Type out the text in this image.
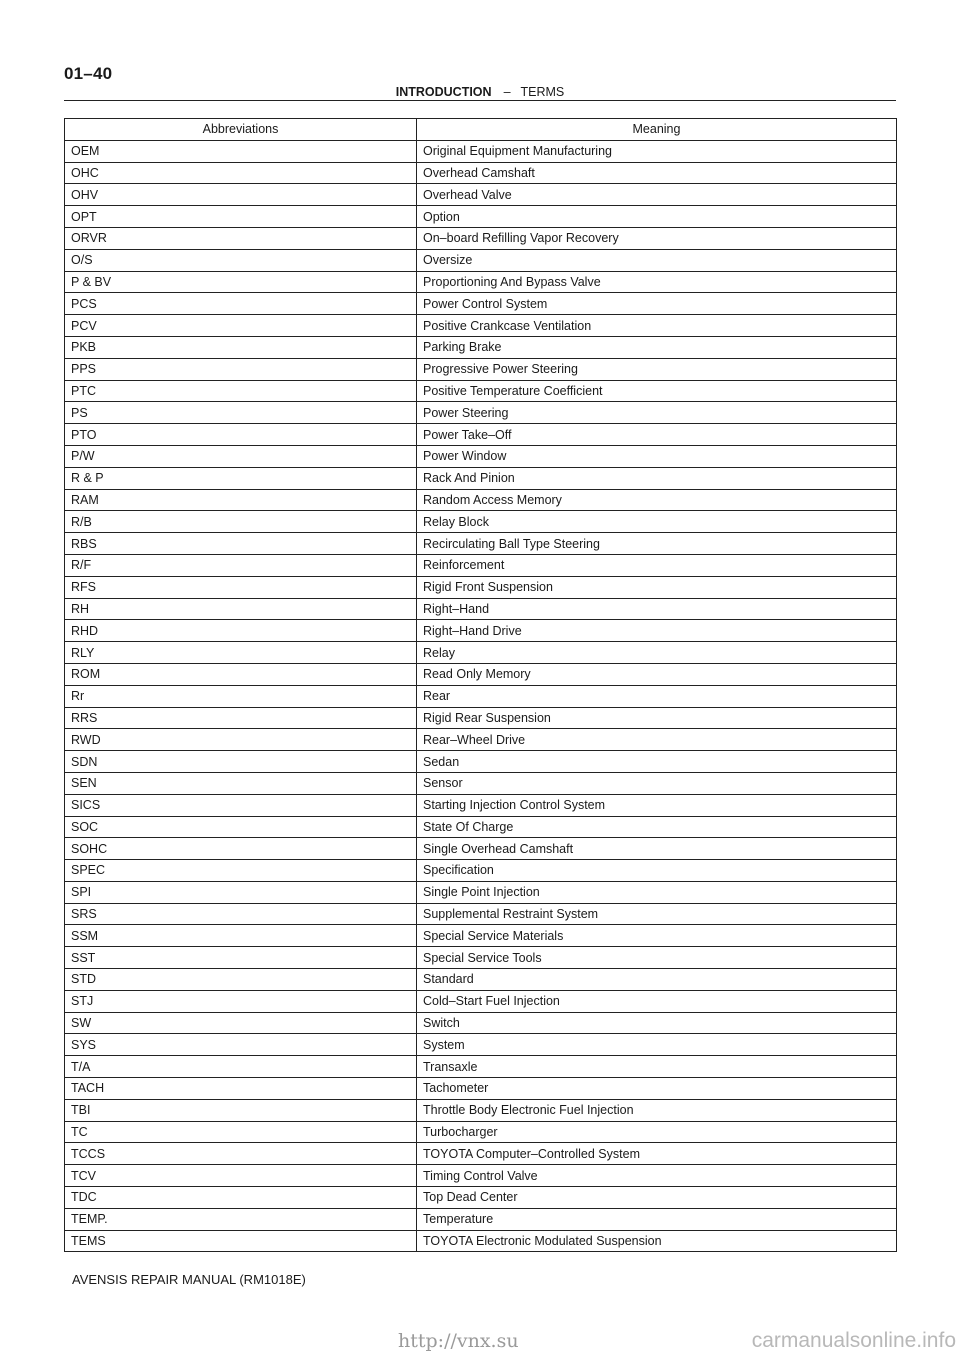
01–40
INTRODUCTION – TERMS
Abbreviations	Meaning
OEM	Original Equipment Manufacturing
OHC	Overhead Camshaft
OHV	Overhead Valve
OPT	Option
ORVR	On–board Refilling Vapor Recovery
O/S	Oversize
P & BV	Proportioning And Bypass Valve
PCS	Power Control System
PCV	Positive Crankcase Ventilation
PKB	Parking Brake
PPS	Progressive Power Steering
PTC	Positive Temperature Coefficient
PS	Power Steering
PTO	Power Take–Off
P/W	Power Window
R & P	Rack And Pinion
RAM	Random Access Memory
R/B	Relay Block
RBS	Recirculating Ball Type Steering
R/F	Reinforcement
RFS	Rigid Front Suspension
RH	Right–Hand
RHD	Right–Hand Drive
RLY	Relay
ROM	Read Only Memory
Rr	Rear
RRS	Rigid Rear Suspension
RWD	Rear–Wheel Drive
SDN	Sedan
SEN	Sensor
SICS	Starting Injection Control System
SOC	State Of Charge
SOHC	Single Overhead Camshaft
SPEC	Specification
SPI	Single Point Injection
SRS	Supplemental Restraint System
SSM	Special Service Materials
SST	Special Service Tools
STD	Standard
STJ	Cold–Start Fuel Injection
SW	Switch
SYS	System
T/A	Transaxle
TACH	Tachometer
TBI	Throttle Body Electronic Fuel Injection
TC	Turbocharger
TCCS	TOYOTA Computer–Controlled System
TCV	Timing Control Valve
TDC	Top Dead Center
TEMP.	Temperature
TEMS	TOYOTA Electronic Modulated Suspension
AVENSIS REPAIR MANUAL (RM1018E)
http://vnx.su	carmanualsonline.info
